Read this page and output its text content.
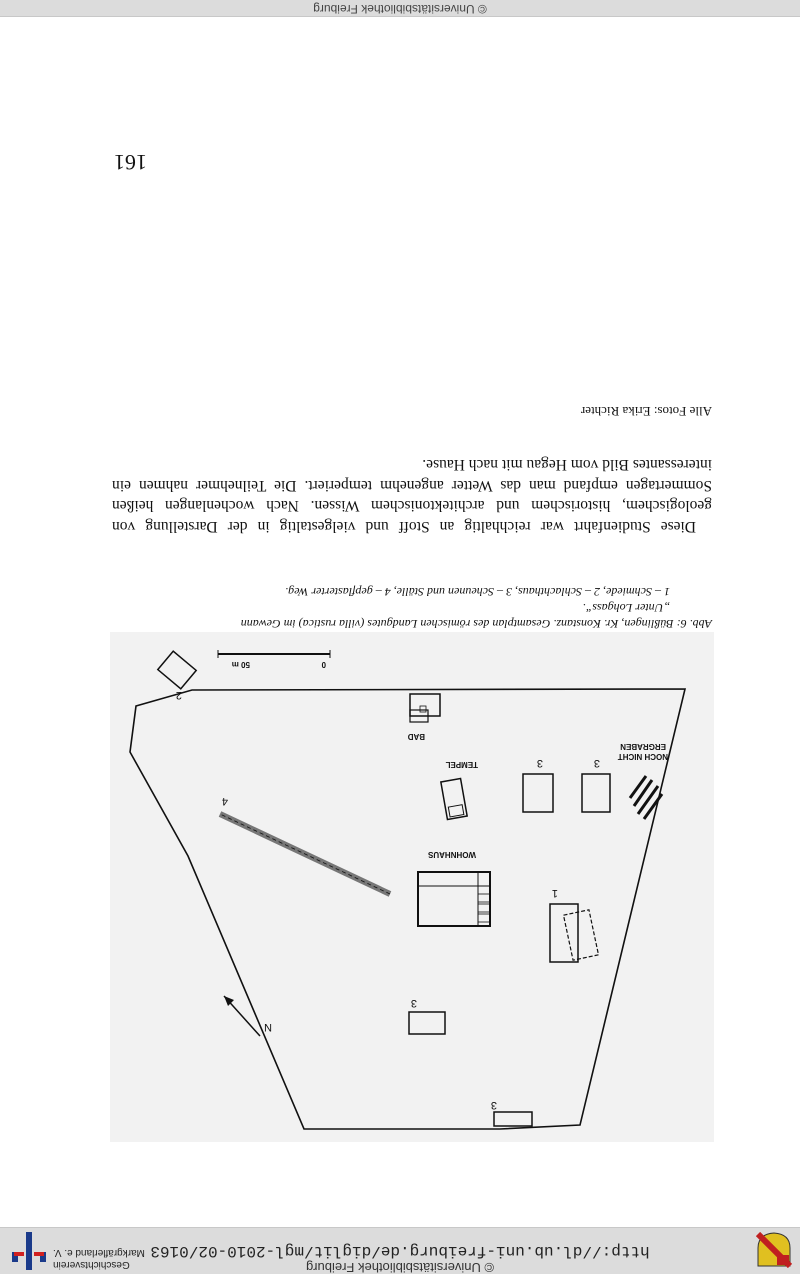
http://dl.ub.uni-freiburg.de/diglit/mgl-2010-02/0163
© Universitätsbibliothek Freiburg
Geschichtsverein
Markgräflerland e. V.
161
Alle Fotos: Erika Richter

Diese Studienfahrt war reichhaltig an Stoff und vielgestaltig in der Darstellung von geologischem, historischem und architektonischem Wissen. Nach wochenlangen heißen Sommertagen empfand man das Wetter angenehm temperiert. Die Teilnehmer nahmen ein interessantes Bild vom Hegau mit nach Hause.

Abb. 6: Büßlingen, Kr. Konstanz. Gesamtplan des römischen Landgutes (villa rustica) im Gewann
„Unter Lohgass“.
1 – Schmiede, 2 – Schlachthaus, 3 – Scheunen und Ställe, 4 – gepflasterter Weg.
0
50 m
2
BAD
TEMPEL	3	3
NOCH NICHT
ERGRABEN
WOHNHAUS
4
1
3
3
N
© Universitätsbibliothek Freiburg
